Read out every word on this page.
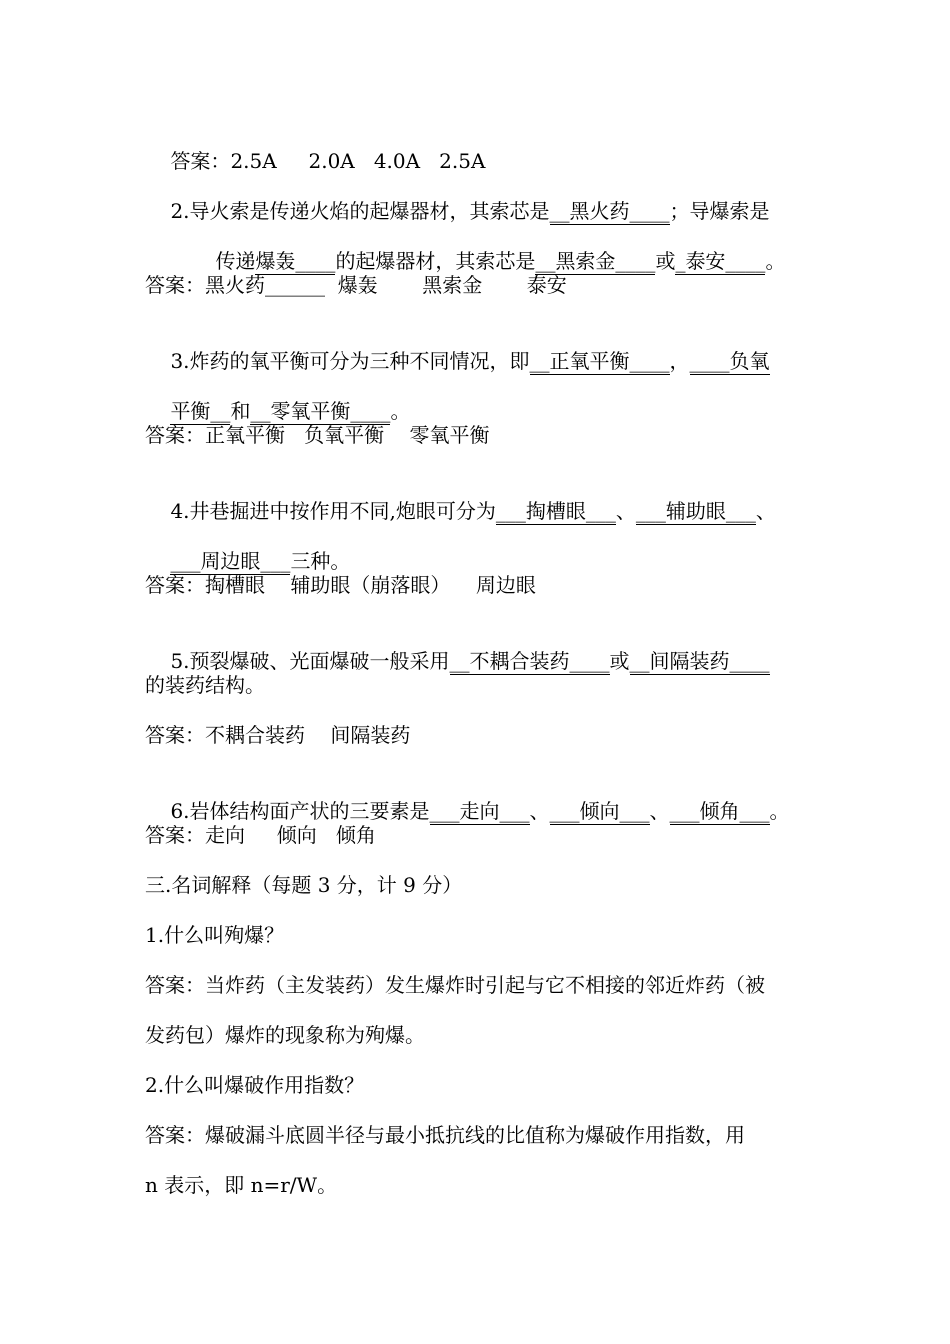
答案：2.5A 2.0A 4.0A 2.5A

2.导火索是传递火焰的起爆器材，其索芯是__黑火药____；导爆索是

传递爆轰____的起爆器材，其索芯是__黑索金____或_泰安____。

答案：黑火药______  爆轰       黑索金       泰安

3.炸药的氧平衡可分为三种不同情况，即__正氧平衡____，____负氧

平衡__和__零氧平衡____。

答案：正氧平衡   负氧平衡    零氧平衡

4.井巷掘进中按作用不同,炮眼可分为___掏槽眼___、___辅助眼___、

___周边眼___三种。

答案：掏槽眼    辅助眼（崩落眼）    周边眼

5.预裂爆破、光面爆破一般采用__不耦合装药____或__间隔装药____

的装药结构。
答案：不耦合装药    间隔装药

6.岩体结构面产状的三要素是___走向___、___倾向___、___倾角___。

答案：走向     倾向   倾角
三.名词解释（每题 3 分，计 9 分）
1.什么叫殉爆？
答案：当炸药（主发装药）发生爆炸时引起与它不相接的邻近炸药（被
发药包）爆炸的现象称为殉爆。
2.什么叫爆破作用指数？
答案：爆破漏斗底圆半径与最小抵抗线的比值称为爆破作用指数，用
n 表示，即 n=r/W。
